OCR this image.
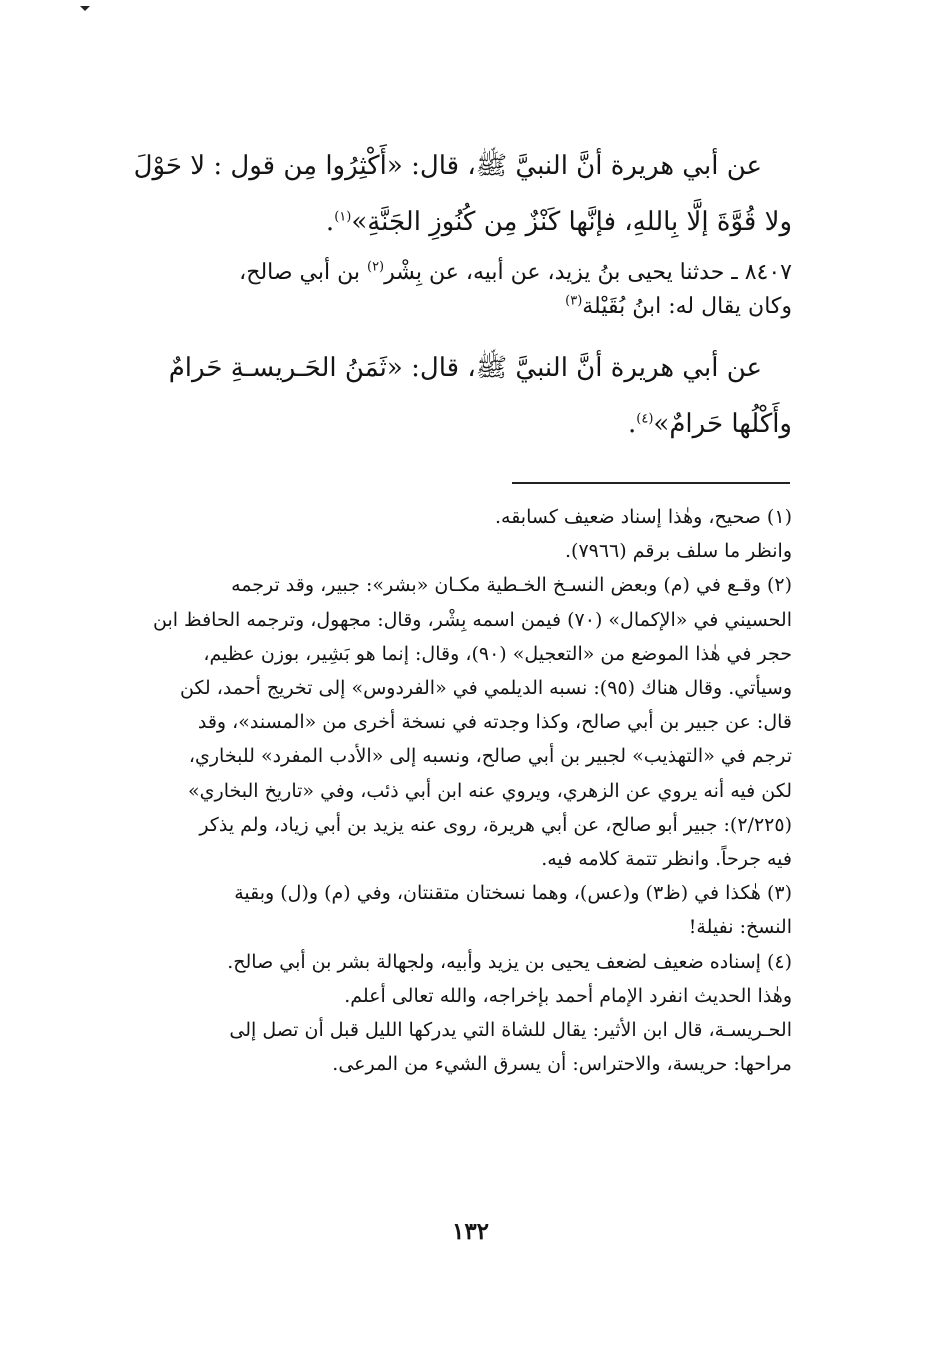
عن أبي هريرة أنَّ النبيَّ ﷺ، قال: «أَكْثِرُوا مِن قول : لا حَوْلَ
ولا قُوَّةَ إلَّا بِاللهِ، فإنَّها كَنْزٌ مِن كُنُوزِ الجَنَّةِ»$^{(١)}$.
٨٤٠٧ ـ حدثنا يحيى بنُ يزيد، عن أبيه، عن بِشْر$^{(٢)}$ بن أبي صالح،
وكان يقال له: ابنُ بُقَيْلة$^{(٣)}$
عن أبي هريرة أنَّ النبيَّ ﷺ، قال: «ثَمَنُ الحَـريسـةِ حَرامٌ
وأَكْلُها حَرامٌ»$^{(٤)}$.
(١) صحيح، وهٰذا إسناد ضعيف كسابقه.
وانظر ما سلف برقم (٧٩٦٦).
(٢) وقـع في (م) وبعض النسـخ الخـطية مكـان «بشر»: جبير، وقد ترجمه
الحسيني في «الإكمال» (٧٠) فيمن اسمه بِشْر، وقال: مجهول، وترجمه الحافظ ابن
حجر في هٰذا الموضع من «التعجيل» (٩٠)، وقال: إنما هو بَشِير، بوزن عظيم،
وسيأتي. وقال هناك (٩٥): نسبه الديلمي في «الفردوس» إلى تخريج أحمد، لكن
قال: عن جبير بن أبي صالح، وكذا وجدته في نسخة أخرى من «المسند»، وقد
ترجم في «التهذيب» لجبير بن أبي صالح، ونسبه إلى «الأدب المفرد» للبخاري،
لكن فيه أنه يروي عن الزهري، ويروي عنه ابن أبي ذئب، وفي «تاريخ البخاري»
(٢/٢٢٥): جبير أبو صالح، عن أبي هريرة، روى عنه يزيد بن أبي زياد، ولم يذكر
فيه جرحاً. وانظر تتمة كلامه فيه.
(٣) هٰكذا في (ظ٣) و(عس)، وهما نسختان متقنتان، وفي (م) و(ل) وبقية
النسخ: نفيلة!
(٤) إسناده ضعيف لضعف يحيى بن يزيد وأبيه، ولجهالة بشر بن أبي صالح.
وهٰذا الحديث انفرد الإمام أحمد بإخراجه، والله تعالى أعلم.
الحـريسـة، قال ابن الأثير: يقال للشاة التي يدركها الليل قبل أن تصل إلى
مراحها: حريسة، والاحتراس: أن يسرق الشيء من المرعى.
١٣٢
